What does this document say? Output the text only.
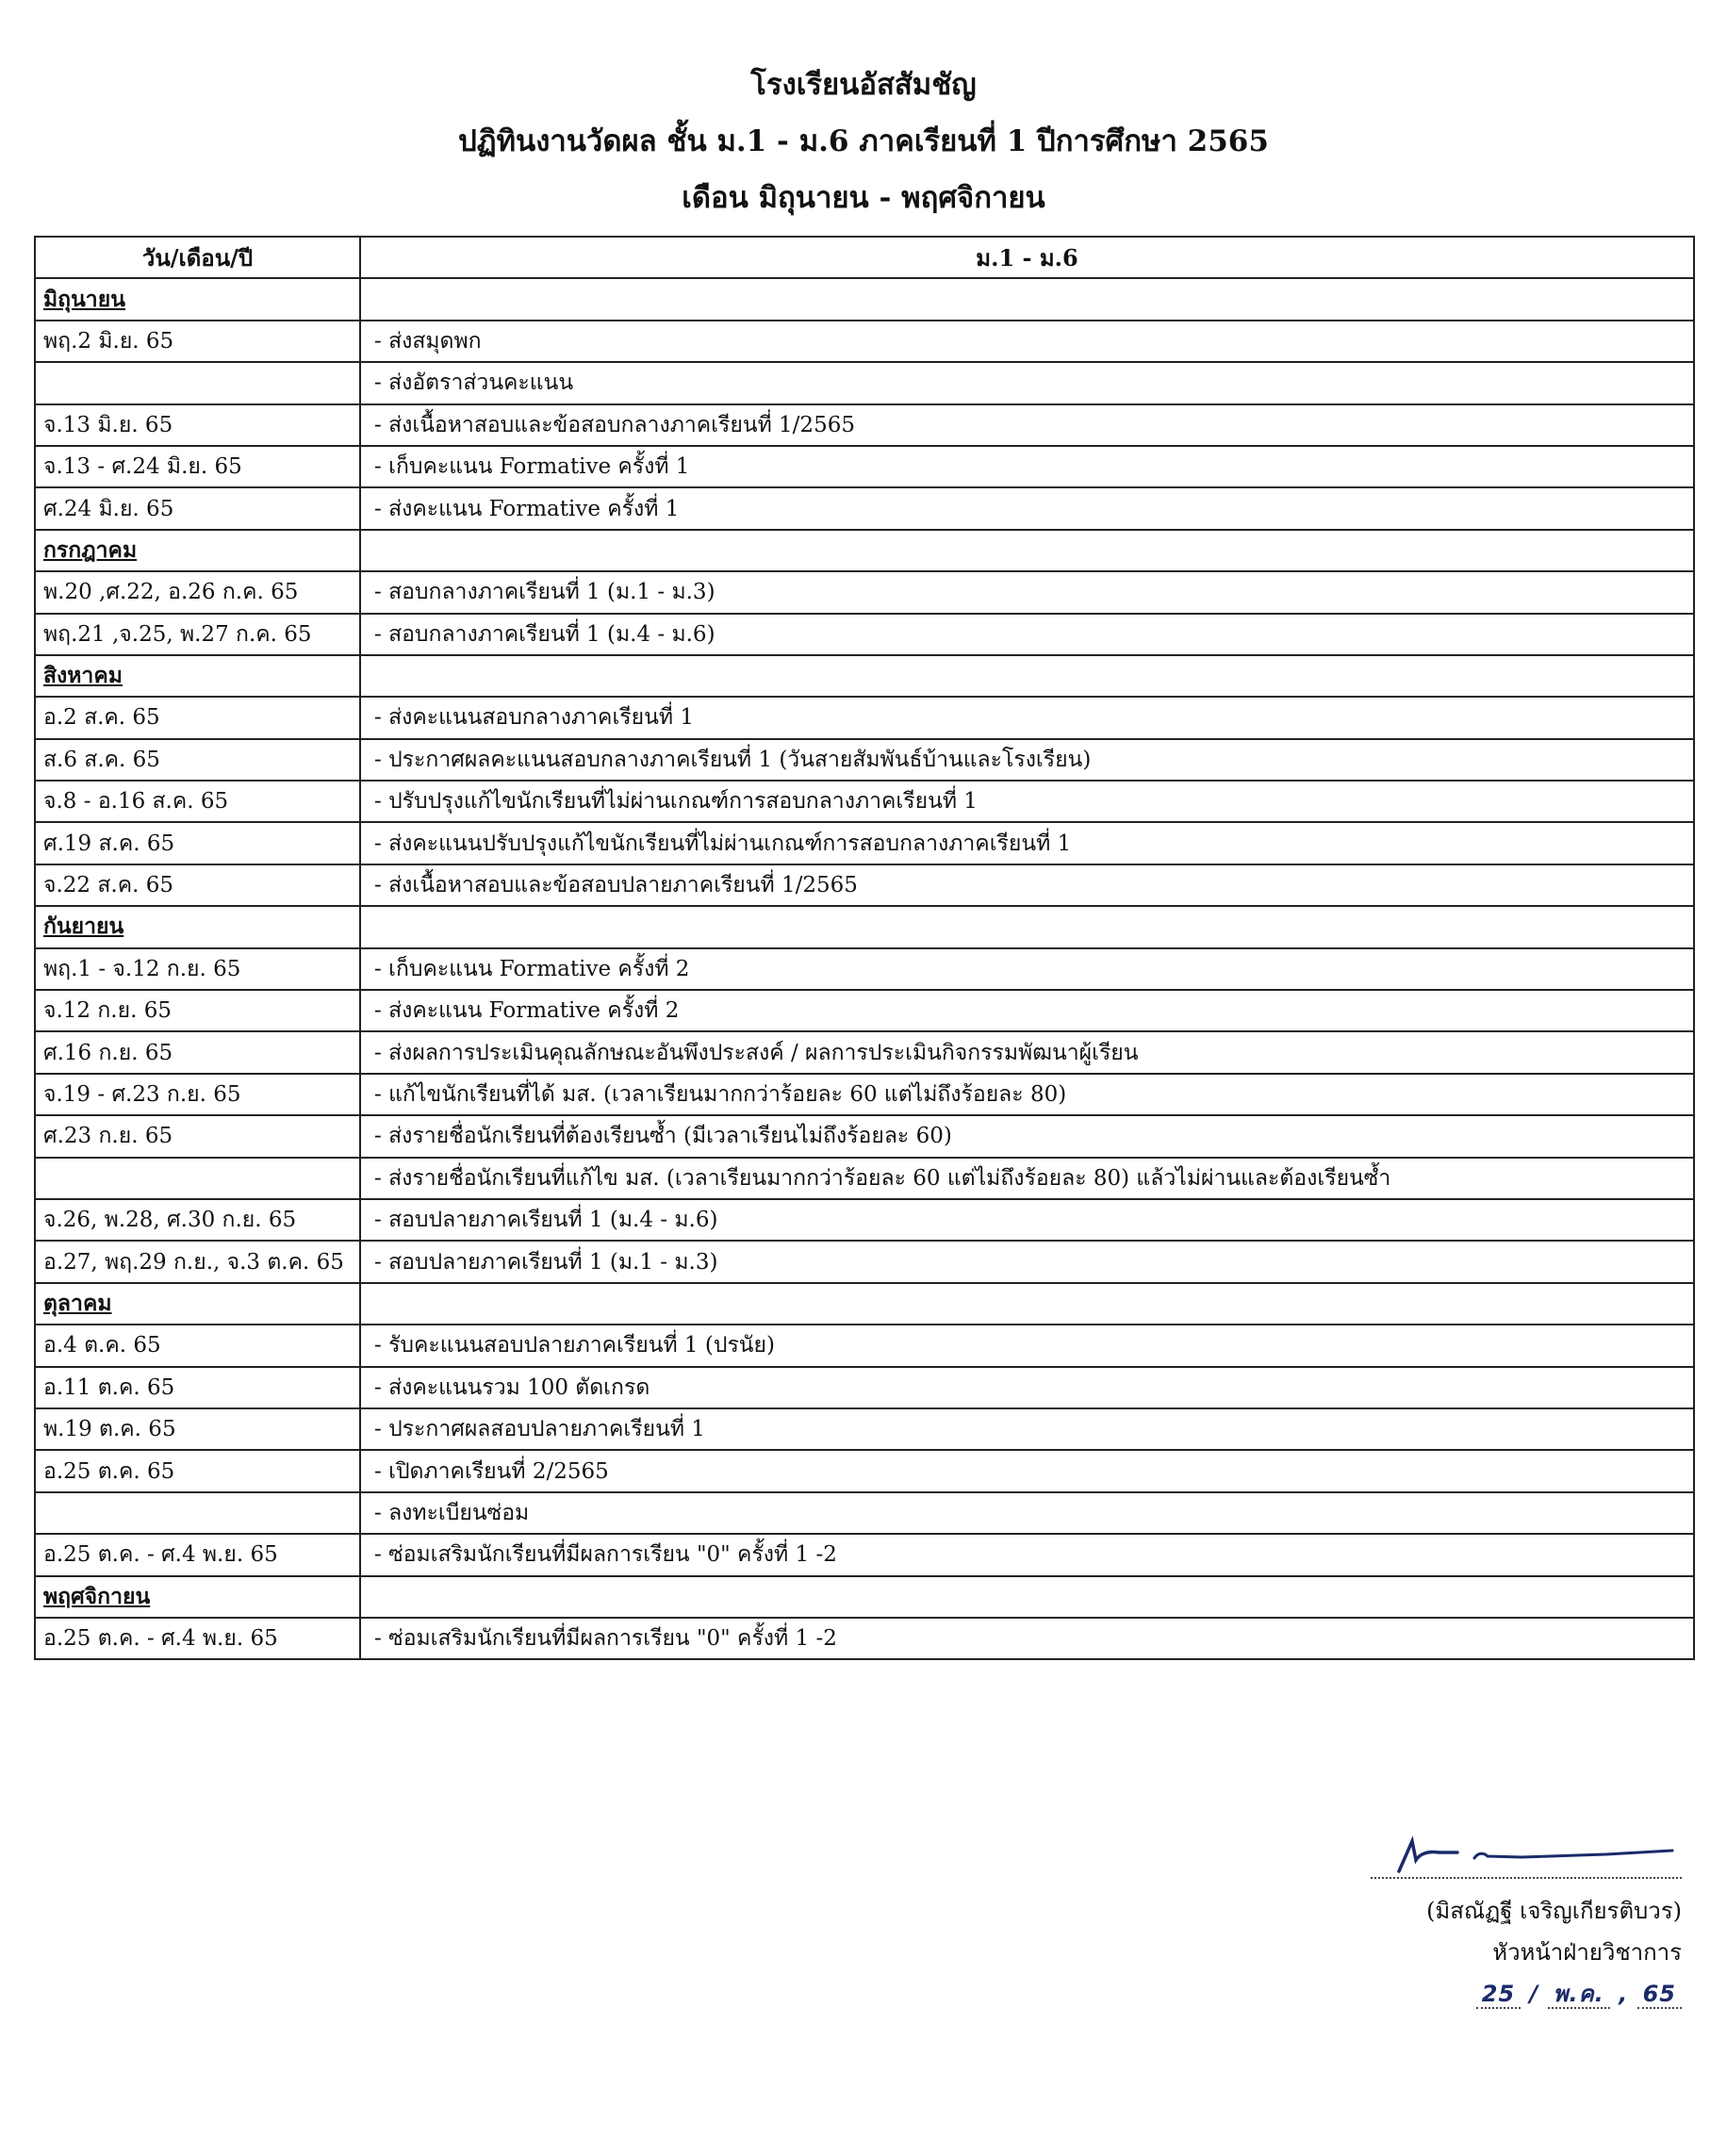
โรงเรียนอัสสัมชัญ
ปฏิทินงานวัดผล ชั้น ม.1 - ม.6 ภาคเรียนที่ 1 ปีการศึกษา 2565
เดือน มิถุนายน - พฤศจิกายน
วัน/เดือน/ปี	ม.1 - ม.6
มิถุนายน	
พฤ.2 มิ.ย. 65	- ส่งสมุดพก
	- ส่งอัตราส่วนคะแนน
จ.13 มิ.ย. 65	- ส่งเนื้อหาสอบและข้อสอบกลางภาคเรียนที่ 1/2565
จ.13 - ศ.24 มิ.ย. 65	- เก็บคะแนน Formative ครั้งที่ 1
ศ.24 มิ.ย. 65	- ส่งคะแนน Formative ครั้งที่ 1
กรกฎาคม	
พ.20 ,ศ.22, อ.26 ก.ค. 65	- สอบกลางภาคเรียนที่ 1 (ม.1 - ม.3)
พฤ.21 ,จ.25, พ.27 ก.ค. 65	- สอบกลางภาคเรียนที่ 1 (ม.4 - ม.6)
สิงหาคม	
อ.2 ส.ค. 65	- ส่งคะแนนสอบกลางภาคเรียนที่ 1
ส.6 ส.ค. 65	- ประกาศผลคะแนนสอบกลางภาคเรียนที่ 1 (วันสายสัมพันธ์บ้านและโรงเรียน)
จ.8 - อ.16 ส.ค. 65	- ปรับปรุงแก้ไขนักเรียนที่ไม่ผ่านเกณฑ์การสอบกลางภาคเรียนที่ 1
ศ.19 ส.ค. 65	- ส่งคะแนนปรับปรุงแก้ไขนักเรียนที่ไม่ผ่านเกณฑ์การสอบกลางภาคเรียนที่ 1
จ.22 ส.ค. 65	- ส่งเนื้อหาสอบและข้อสอบปลายภาคเรียนที่ 1/2565
กันยายน	
พฤ.1 - จ.12 ก.ย. 65	- เก็บคะแนน Formative ครั้งที่ 2
จ.12 ก.ย. 65	- ส่งคะแนน Formative ครั้งที่ 2
ศ.16 ก.ย. 65	- ส่งผลการประเมินคุณลักษณะอันพึงประสงค์ / ผลการประเมินกิจกรรมพัฒนาผู้เรียน
จ.19 - ศ.23 ก.ย. 65	- แก้ไขนักเรียนที่ได้ มส. (เวลาเรียนมากกว่าร้อยละ 60 แต่ไม่ถึงร้อยละ 80)
ศ.23 ก.ย. 65	- ส่งรายชื่อนักเรียนที่ต้องเรียนซ้ำ (มีเวลาเรียนไม่ถึงร้อยละ 60)
	- ส่งรายชื่อนักเรียนที่แก้ไข มส. (เวลาเรียนมากกว่าร้อยละ 60 แต่ไม่ถึงร้อยละ 80) แล้วไม่ผ่านและต้องเรียนซ้ำ
จ.26, พ.28, ศ.30 ก.ย. 65	- สอบปลายภาคเรียนที่ 1 (ม.4 - ม.6)
อ.27, พฤ.29 ก.ย., จ.3 ต.ค. 65	- สอบปลายภาคเรียนที่ 1 (ม.1 - ม.3)
ตุลาคม	
อ.4 ต.ค. 65	- รับคะแนนสอบปลายภาคเรียนที่ 1 (ปรนัย)
อ.11 ต.ค. 65	- ส่งคะแนนรวม 100 ตัดเกรด
พ.19 ต.ค. 65	- ประกาศผลสอบปลายภาคเรียนที่ 1
อ.25 ต.ค. 65	- เปิดภาคเรียนที่ 2/2565
	- ลงทะเบียนซ่อม
อ.25 ต.ค. - ศ.4 พ.ย. 65	- ซ่อมเสริมนักเรียนที่มีผลการเรียน "0" ครั้งที่ 1 -2
พฤศจิกายน	
อ.25 ต.ค. - ศ.4 พ.ย. 65	- ซ่อมเสริมนักเรียนที่มีผลการเรียน "0" ครั้งที่ 1 -2
(มิสณัฏฐี เจริญเกียรติบวร)
หัวหน้าฝ่ายวิชาการ
25 / พ.ค. , 65
